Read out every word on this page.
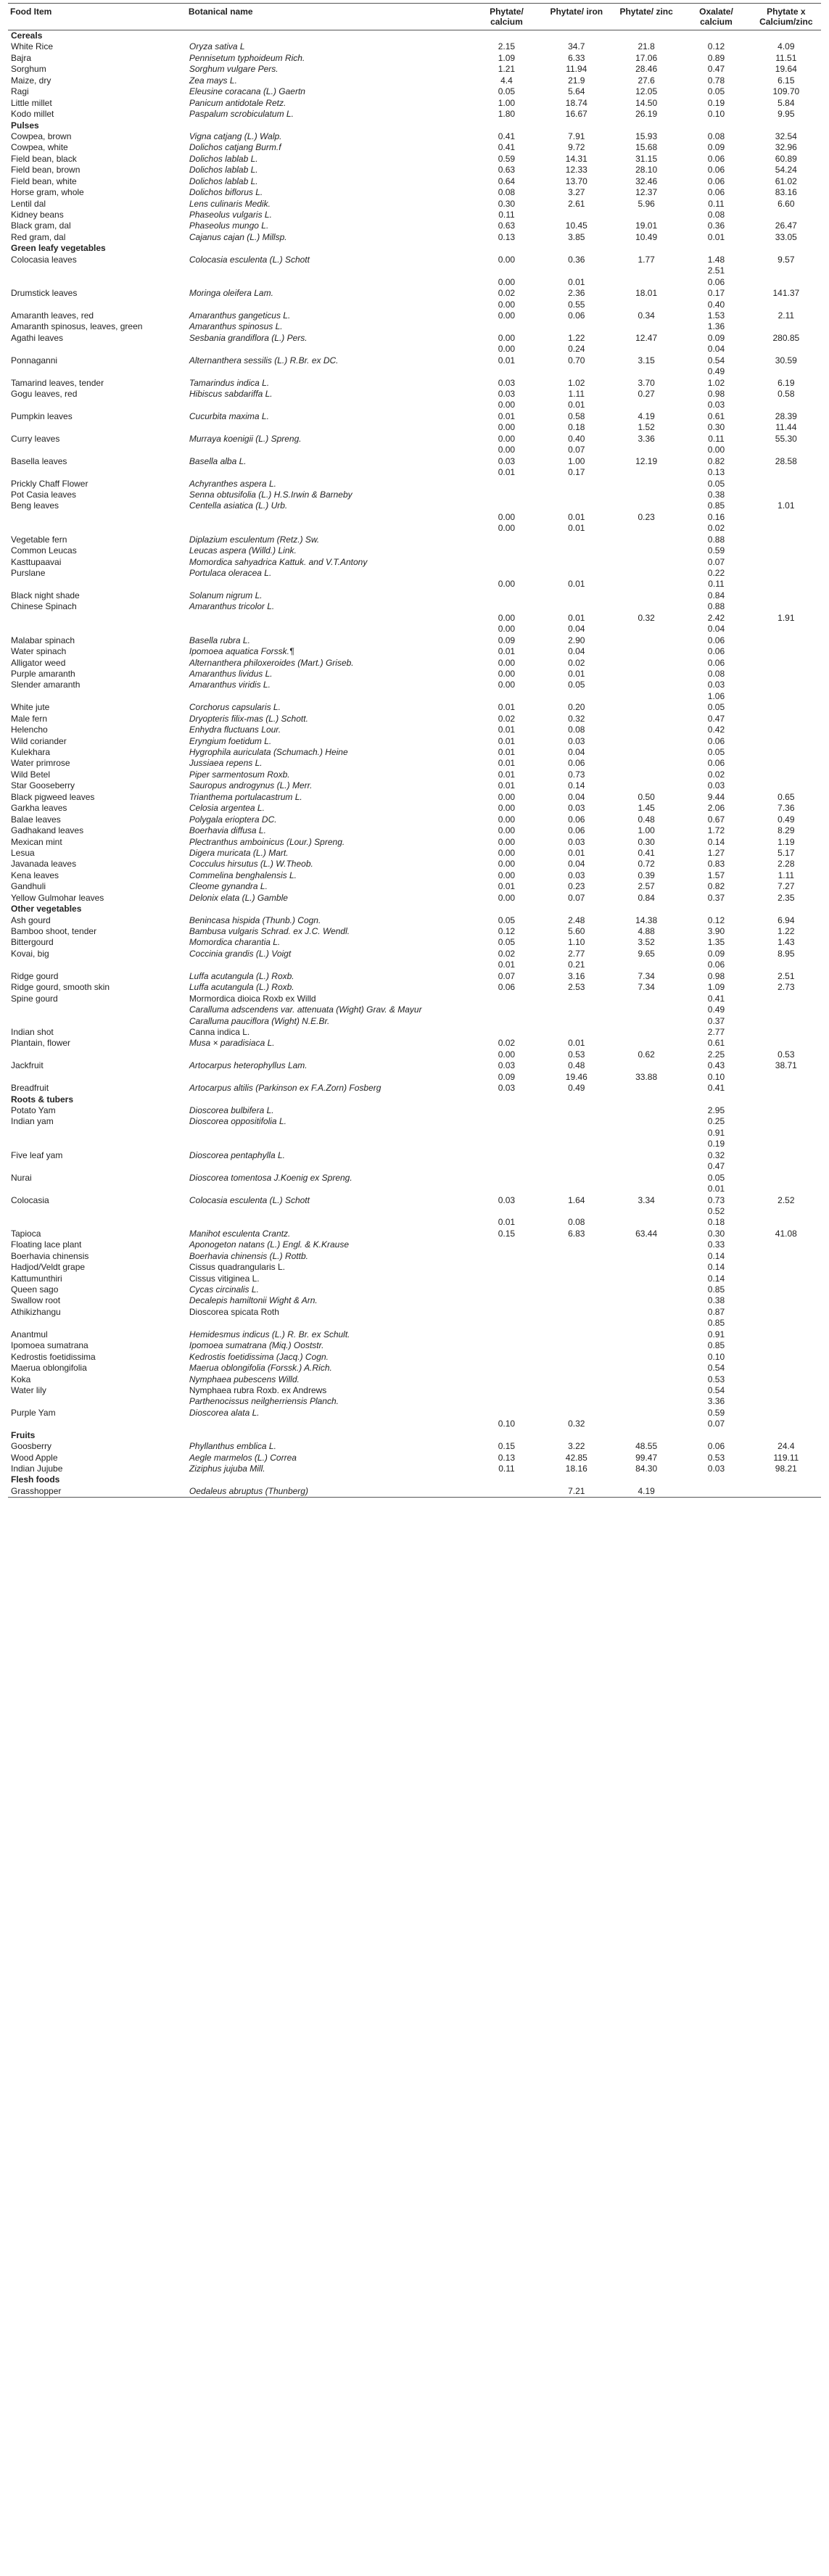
Food Item	Botanical name	Phytate/ calcium	Phytate/ iron	Phytate/ zinc	Oxalate/ calcium	Phytate x Calcium/zinc
Cereals						
White Rice	Oryza sativa L	2.15	34.7	21.8	0.12	4.09
Bajra	Pennisetum typhoideum Rich.	1.09	6.33	17.06	0.89	11.51
Sorghum	Sorghum vulgare Pers.	1.21	11.94	28.46	0.47	19.64
Maize, dry	Zea mays L.	4.4	21.9	27.6	0.78	6.15
Ragi	Eleusine coracana (L.) Gaertn	0.05	5.64	12.05	0.05	109.70
Little millet	Panicum antidotale Retz.	1.00	18.74	14.50	0.19	5.84
Kodo millet	Paspalum scrobiculatum L.	1.80	16.67	26.19	0.10	9.95
Pulses						
Cowpea, brown	Vigna catjang (L.) Walp.	0.41	7.91	15.93	0.08	32.54
Cowpea, white	Dolichos catjang Burm.f	0.41	9.72	15.68	0.09	32.96
Field bean, black	Dolichos lablab L.	0.59	14.31	31.15	0.06	60.89
Field bean, brown	Dolichos lablab L.	0.63	12.33	28.10	0.06	54.24
Field bean, white	Dolichos lablab L.	0.64	13.70	32.46	0.06	61.02
Horse gram, whole	Dolichos biflorus L.	0.08	3.27	12.37	0.06	83.16
Lentil dal	Lens culinaris Medik.	0.30	2.61	5.96	0.11	6.60
Kidney beans	Phaseolus vulgaris L.	0.11			0.08	
Black gram, dal	Phaseolus mungo L.	0.63	10.45	19.01	0.36	26.47
Red gram, dal	Cajanus cajan (L.) Millsp.	0.13	3.85	10.49	0.01	33.05
Green leafy vegetables						
Colocasia leaves	Colocasia esculenta (L.) Schott	0.00	0.36	1.77	1.48	9.57
					2.51	
		0.00	0.01		0.06	
Drumstick leaves	Moringa oleifera Lam.	0.02	2.36	18.01	0.17	141.37
		0.00	0.55		0.40	
Amaranth leaves, red	Amaranthus gangeticus L.	0.00	0.06	0.34	1.53	2.11
Amaranth spinosus, leaves, green	Amaranthus spinosus L.				1.36	
Agathi leaves	Sesbania grandiflora (L.) Pers.	0.00	1.22	12.47	0.09	280.85
		0.00	0.24		0.04	
Ponnaganni	Alternanthera sessilis (L.) R.Br. ex DC.	0.01	0.70	3.15	0.54	30.59
					0.49	
Tamarind leaves, tender	Tamarindus indica L.	0.03	1.02	3.70	1.02	6.19
Gogu leaves, red	Hibiscus sabdariffa L.	0.03	1.11	0.27	0.98	0.58
		0.00	0.01		0.03	
Pumpkin leaves	Cucurbita maxima L.	0.01	0.58	4.19	0.61	28.39
		0.00	0.18	1.52	0.30	11.44
Curry leaves	Murraya koenigii (L.) Spreng.	0.00	0.40	3.36	0.11	55.30
		0.00	0.07		0.00	
Basella leaves	Basella alba L.	0.03	1.00	12.19	0.82	28.58
		0.01	0.17		0.13	
Prickly Chaff Flower	Achyranthes aspera L.				0.05	
Pot Casia leaves	Senna obtusifolia (L.) H.S.Irwin & Barneby				0.38	
Beng leaves	Centella asiatica (L.) Urb.				0.85	1.01
		0.00	0.01	0.23	0.16	
		0.00	0.01		0.02	
Vegetable fern	Diplazium esculentum (Retz.) Sw.				0.88	
Common Leucas	Leucas aspera (Willd.) Link.				0.59	
Kasttupaavai	Momordica sahyadrica Kattuk. and V.T.Antony				0.07	
Purslane	Portulaca oleracea L.				0.22	
		0.00	0.01		0.11	
Black night shade	Solanum nigrum L.				0.84	
Chinese Spinach	Amaranthus tricolor L.				0.88	
		0.00	0.01	0.32	2.42	1.91
		0.00	0.04		0.04	
Malabar spinach	Basella rubra L.	0.09	2.90		0.06	
Water spinach	Ipomoea aquatica Forssk.¶	0.01	0.04		0.06	
Alligator weed	Alternanthera philoxeroides (Mart.) Griseb.	0.00	0.02		0.06	
Purple amaranth	Amaranthus lividus L.	0.00	0.01		0.08	
Slender amaranth	Amaranthus viridis L.	0.00	0.05		0.03	
					1.06	
White jute	Corchorus capsularis L.	0.01	0.20		0.05	
Male fern	Dryopteris filix-mas (L.) Schott.	0.02	0.32		0.47	
Helencho	Enhydra fluctuans Lour.	0.01	0.08		0.42	
Wild coriander	Eryngium foetidum L.	0.01	0.03		0.06	
Kulekhara	Hygrophila auriculata (Schumach.) Heine	0.01	0.04		0.05	
Water primrose	Jussiaea repens L.	0.01	0.06		0.06	
Wild Betel	Piper sarmentosum Roxb.	0.01	0.73		0.02	
Star Gooseberry	Sauropus androgynus (L.) Merr.	0.01	0.14		0.03	
Black pigweed leaves	Trianthema portulacastrum L.	0.00	0.04	0.50	9.44	0.65
Garkha leaves	Celosia argentea L.	0.00	0.03	1.45	2.06	7.36
Balae leaves	Polygala erioptera DC.	0.00	0.06	0.48	0.67	0.49
Gadhakand leaves	Boerhavia diffusa L.	0.00	0.06	1.00	1.72	8.29
Mexican mint	Plectranthus amboinicus (Lour.) Spreng.	0.00	0.03	0.30	0.14	1.19
Lesua	Digera muricata (L.) Mart.	0.00	0.01	0.41	1.27	5.17
Javanada leaves	Cocculus hirsutus (L.) W.Theob.	0.00	0.04	0.72	0.83	2.28
Kena leaves	Commelina benghalensis L.	0.00	0.03	0.39	1.57	1.11
Gandhuli	Cleome gynandra L.	0.01	0.23	2.57	0.82	7.27
Yellow Gulmohar leaves	Delonix elata (L.) Gamble	0.00	0.07	0.84	0.37	2.35
Other vegetables						
Ash gourd	Benincasa hispida (Thunb.) Cogn.	0.05	2.48	14.38	0.12	6.94
Bamboo shoot, tender	Bambusa vulgaris Schrad. ex J.C. Wendl.	0.12	5.60	4.88	3.90	1.22
Bittergourd	Momordica charantia L.	0.05	1.10	3.52	1.35	1.43
Kovai, big	Coccinia grandis (L.) Voigt	0.02	2.77	9.65	0.09	8.95
		0.01	0.21		0.06	
Ridge gourd	Luffa acutangula (L.) Roxb.	0.07	3.16	7.34	0.98	2.51
Ridge gourd, smooth skin	Luffa acutangula (L.) Roxb.	0.06	2.53	7.34	1.09	2.73
Spine gourd	Mormordica dioica Roxb ex Willd				0.41	
	Caralluma adscendens var. attenuata (Wight) Grav. & Mayur				0.49	
	Caralluma pauciflora (Wight) N.E.Br.				0.37	
Indian shot	Canna indica L.				2.77	
Plantain, flower	Musa × paradisiaca L.	0.02	0.01		0.61	
		0.00	0.53	0.62	2.25	0.53
Jackfruit	Artocarpus heterophyllus Lam.	0.03	0.48		0.43	38.71
		0.09	19.46	33.88	0.10	
Breadfruit	Artocarpus altilis (Parkinson ex F.A.Zorn) Fosberg	0.03	0.49		0.41	
Roots & tubers						
Potato Yam	Dioscorea bulbifera L.				2.95	
Indian yam	Dioscorea oppositifolia L.				0.25	
					0.91	
					0.19	
Five leaf yam	Dioscorea pentaphylla L.				0.32	
					0.47	
Nurai	Dioscorea tomentosa J.Koenig ex Spreng.				0.05	
					0.01	
Colocasia	Colocasia esculenta (L.) Schott	0.03	1.64	3.34	0.73	2.52
					0.52	
		0.01	0.08		0.18	
Tapioca	Manihot esculenta Crantz.	0.15	6.83	63.44	0.30	41.08
Floating lace plant	Aponogeton natans (L.) Engl. & K.Krause				0.33	
Boerhavia chinensis	Boerhavia chinensis (L.) Rottb.				0.14	
Hadjod/Veldt grape	Cissus quadrangularis L.				0.14	
Kattumunthiri	Cissus vitiginea L.				0.14	
Queen sago	Cycas circinalis L.				0.85	
Swallow root	Decalepis hamiltonii Wight & Arn.				0.38	
Athikizhangu	Dioscorea spicata Roth				0.87	
					0.85	
Anantmul	Hemidesmus indicus (L.) R. Br. ex Schult.				0.91	
Ipomoea sumatrana	Ipomoea sumatrana (Miq.) Ooststr.				0.85	
Kedrostis foetidissima	Kedrostis foetidissima (Jacq.) Cogn.				0.10	
Maerua oblongifolia	Maerua oblongifolia (Forssk.) A.Rich.				0.54	
Koka	Nymphaea pubescens Willd.				0.53	
Water lily	Nymphaea rubra Roxb. ex Andrews				0.54	
	Parthenocissus neilgherriensis Planch.				3.36	
Purple Yam	Dioscorea alata L.				0.59	
		0.10	0.32		0.07	
Fruits						
Goosberry	Phyllanthus emblica L.	0.15	3.22	48.55	0.06	24.4
Wood Apple	Aegle marmelos (L.) Correa	0.13	42.85	99.47	0.53	119.11
Indian Jujube	Ziziphus jujuba Mill.	0.11	18.16	84.30	0.03	98.21
Flesh foods						
Grasshopper	Oedaleus abruptus (Thunberg)		7.21	4.19		
